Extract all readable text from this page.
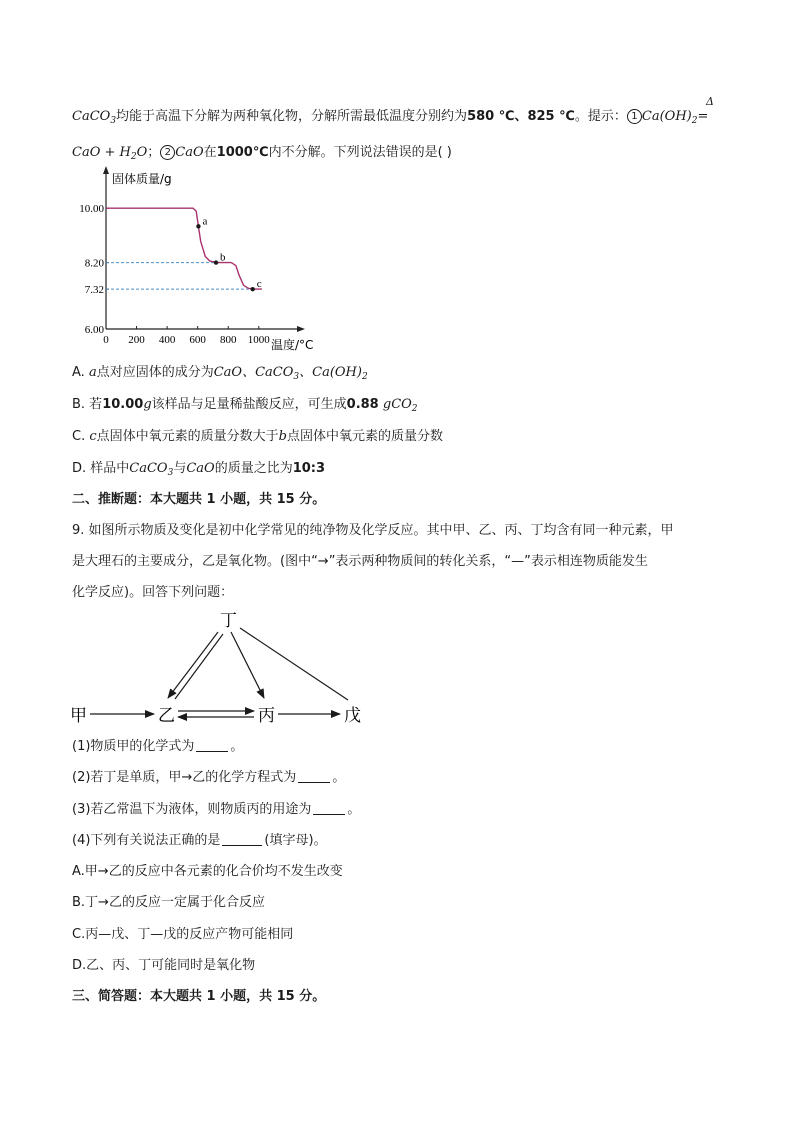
CaCO$_3$均能于高温下分解为两种氧化物，分解所需最低温度分别约为580 ℃、825 ℃。提示： 1 $Ca(OH)_2=$
Δ
CaO + $H_2O$； 2 CaO在1000℃内不分解。下列说法错误的是( )
固体质量/g
温度/°C
0 200 400 600 800 1000
6.00
7.32
8.20
10.00
a
b
c
A. a点对应固体的成分为CaO、CaCO$_3$、$Ca(OH)_2$
B. 若10.00g该样品与足量稀盐酸反应，可生成0.88 gCO$_2$
C. c点固体中氧元素的质量分数大于b点固体中氧元素的质量分数
D. 样品中CaCO$_3$与CaO的质量之比为10:3
二、推断题：本大题共 1 小题，共 15 分。
9. 如图所示物质及变化是初中化学常见的纯净物及化学反应。其中甲、乙、丙、丁均含有同一种元素，甲
是大理石的主要成分，乙是氧化物。(图中“→”表示两种物质间的转化关系，“—”表示相连物质能发生
化学反应)。回答下列问题：
丁
甲	乙	丙	戊
(1)物质甲的化学式为	。
(2)若丁是单质，甲→乙的化学方程式为	。
(3)若乙常温下为液体，则物质丙的用途为	。
(4)下列有关说法正确的是	(填字母)。
A.甲→乙的反应中各元素的化合价均不发生改变
B.丁→乙的反应一定属于化合反应
C.丙—戊、丁—戊的反应产物可能相同
D.乙、丙、丁可能同时是氧化物
三、简答题：本大题共 1 小题，共 15 分。
